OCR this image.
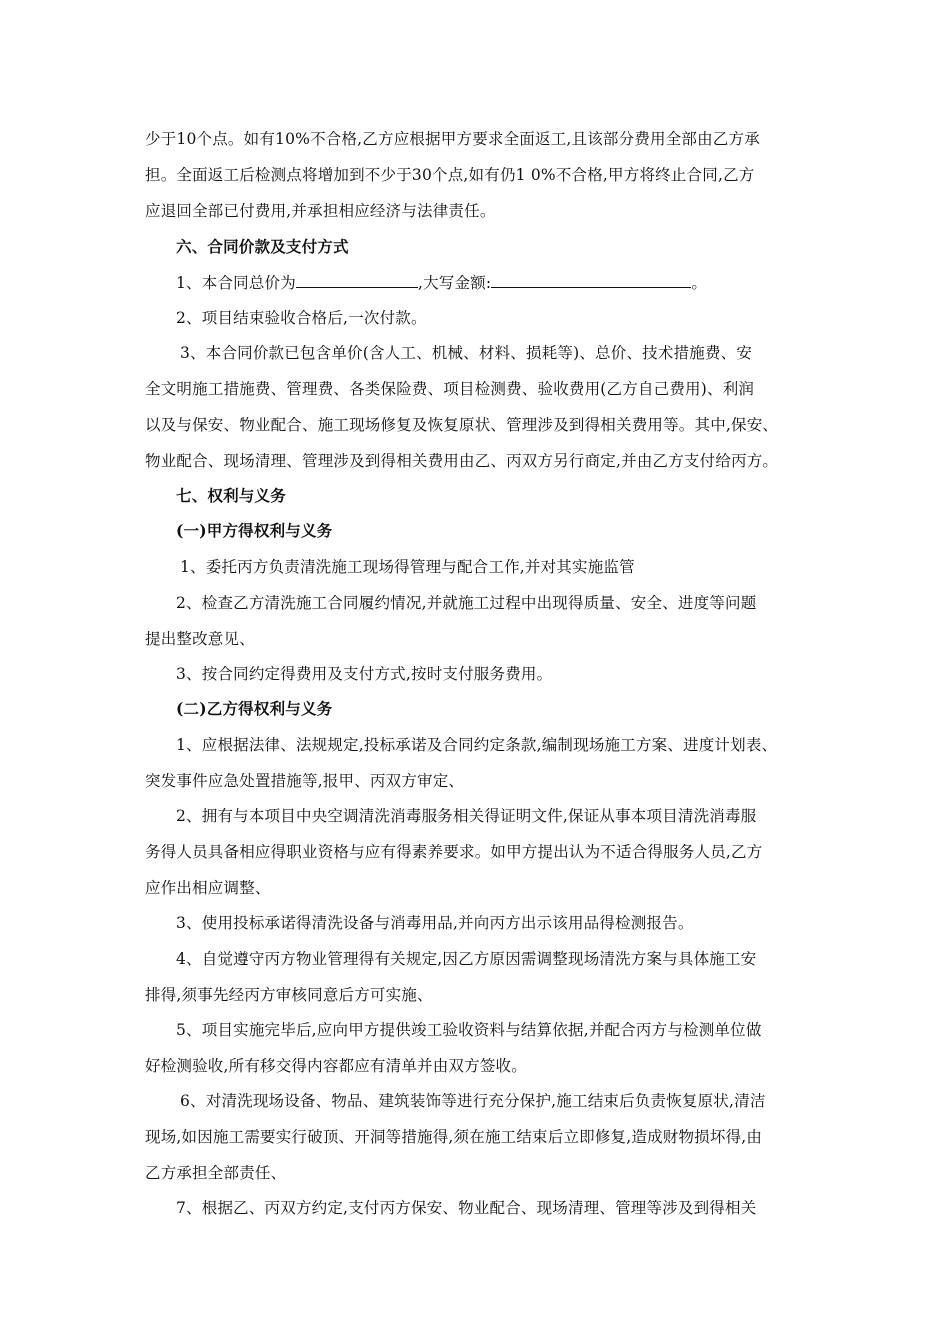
少于10个点。如有10%不合格,乙方应根据甲方要求全面返工,且该部分费用全部由乙方承
担。全面返工后检测点将增加到不少于30个点,如有仍1 0%不合格,甲方将终止合同,乙方
应退回全部已付费用,并承担相应经济与法律责任。
六、合同价款及支付方式
1、本合同总价为	,大写金额:	。
2、项目结束验收合格后,一次付款。
3、本合同价款已包含单价(含人工、机械、材料、损耗等)、总价、技术措施费、安
全文明施工措施费、管理费、各类保险费、项目检测费、验收费用(乙方自己费用)、利润
以及与保安、物业配合、施工现场修复及恢复原状、管理涉及到得相关费用等。其中,保安、
物业配合、现场清理、管理涉及到得相关费用由乙、丙双方另行商定,并由乙方支付给丙方。
七、权利与义务
(一)甲方得权利与义务
1、委托丙方负责清洗施工现场得管理与配合工作,并对其实施监管
2、检查乙方清洗施工合同履约情况,并就施工过程中出现得质量、安全、进度等问题
提出整改意见、
3、按合同约定得费用及支付方式,按时支付服务费用。
(二)乙方得权利与义务
1、应根据法律、法规规定,投标承诺及合同约定条款,编制现场施工方案、进度计划表、
突发事件应急处置措施等,报甲、丙双方审定、
2、拥有与本项目中央空调清洗消毒服务相关得证明文件,保证从事本项目清洗消毒服
务得人员具备相应得职业资格与应有得素养要求。如甲方提出认为不适合得服务人员,乙方
应作出相应调整、
3、使用投标承诺得清洗设备与消毒用品,并向丙方出示该用品得检测报告。
4、自觉遵守丙方物业管理得有关规定,因乙方原因需调整现场清洗方案与具体施工安
排得,须事先经丙方审核同意后方可实施、
5、项目实施完毕后,应向甲方提供竣工验收资料与结算依据,并配合丙方与检测单位做
好检测验收,所有移交得内容都应有清单并由双方签收。
6、对清洗现场设备、物品、建筑装饰等进行充分保护,施工结束后负责恢复原状,清洁
现场,如因施工需要实行破顶、开洞等措施得,须在施工结束后立即修复,造成财物损坏得,由
乙方承担全部责任、
7、根据乙、丙双方约定,支付丙方保安、物业配合、现场清理、管理等涉及到得相关
